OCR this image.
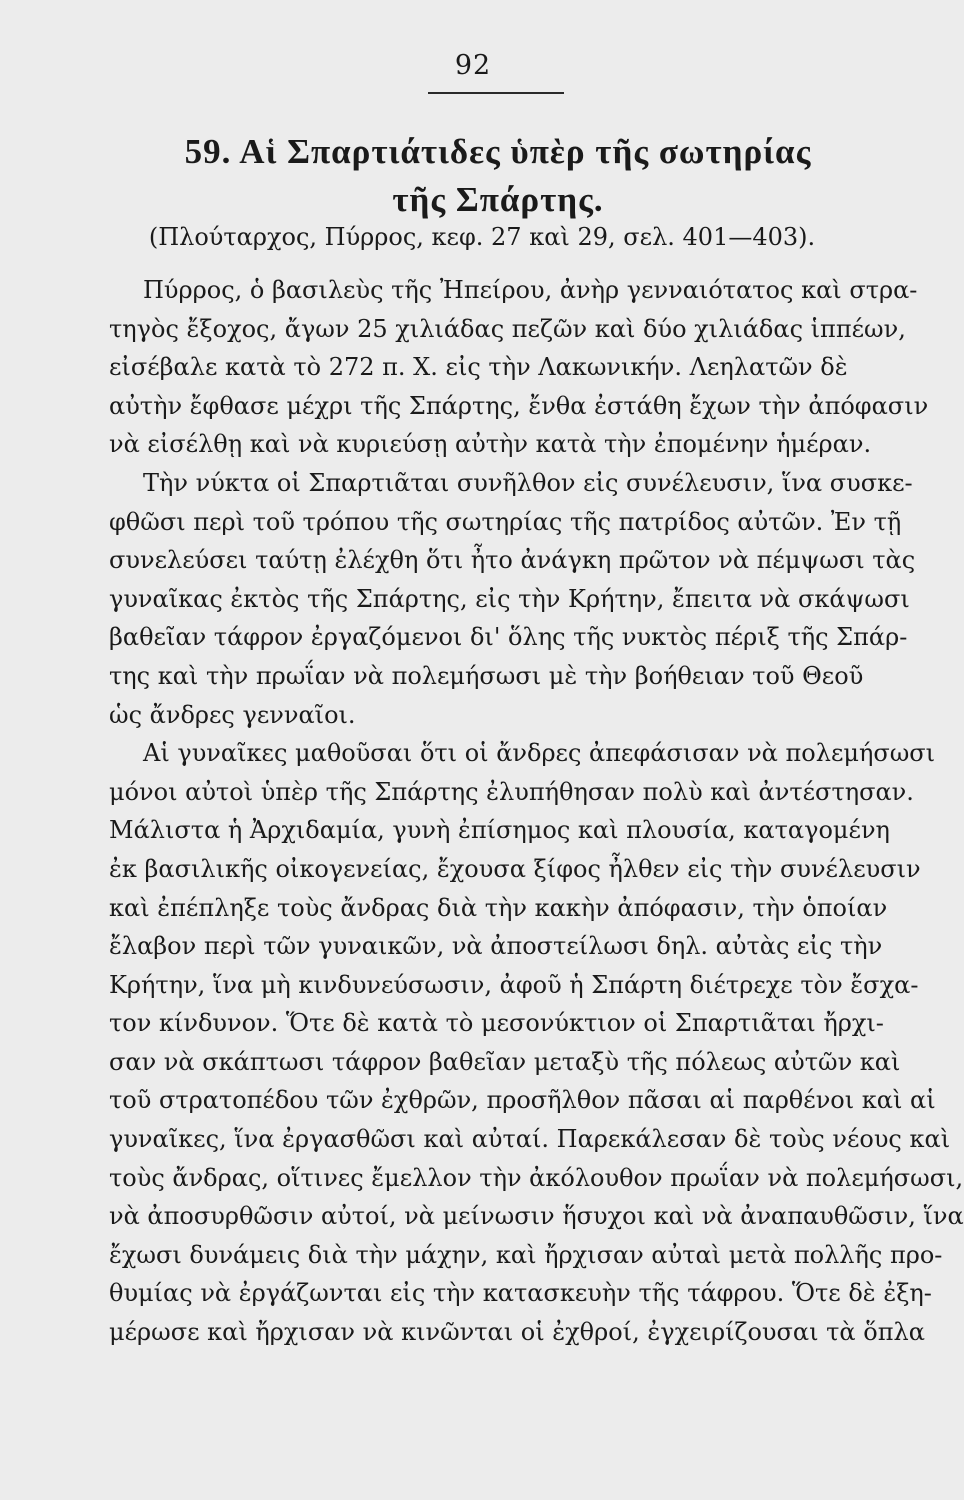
92
59. Αἱ Σπαρτιάτιδες ὑπὲρ τῆς σωτηρίας
τῆς Σπάρτης.
(Πλούταρχος, Πύρρος, κεφ. 27 καὶ 29, σελ. 401—403).
Πύρρος, ὁ βασιλεὺς τῆς Ἠπείρου, ἀνὴρ γενναιότατος καὶ στρα-
τηγὸς ἔξοχος, ἄγων 25 χιλιάδας πεζῶν καὶ δύο χιλιάδας ἱππέων,
εἰσέβαλε κατὰ τὸ 272 π. Χ. εἰς τὴν Λακωνικήν. Λεηλατῶν δὲ
αὐτὴν ἔφθασε μέχρι τῆς Σπάρτης, ἔνθα ἐστάθη ἔχων τὴν ἀπόφασιν
νὰ εἰσέλθῃ καὶ νὰ κυριεύσῃ αὐτὴν κατὰ τὴν ἐπομένην ἡμέραν.
Τὴν νύκτα οἱ Σπαρτιᾶται συνῆλθον εἰς συνέλευσιν, ἵνα συσκε-
φθῶσι περὶ τοῦ τρόπου τῆς σωτηρίας τῆς πατρίδος αὐτῶν. Ἐν τῇ
συνελεύσει ταύτῃ ἐλέχθη ὅτι ἦτο ἀνάγκη πρῶτον νὰ πέμψωσι τὰς
γυναῖκας ἐκτὸς τῆς Σπάρτης, εἰς τὴν Κρήτην, ἔπειτα νὰ σκάψωσι
βαθεῖαν τάφρον ἐργαζόμενοι δι' ὅλης τῆς νυκτὸς πέριξ τῆς Σπάρ-
της καὶ τὴν πρωΐαν νὰ πολεμήσωσι μὲ τὴν βοήθειαν τοῦ Θεοῦ
ὡς ἄνδρες γενναῖοι.
Αἱ γυναῖκες μαθοῦσαι ὅτι οἱ ἄνδρες ἀπεφάσισαν νὰ πολεμήσωσι
μόνοι αὐτοὶ ὑπὲρ τῆς Σπάρτης ἐλυπήθησαν πολὺ καὶ ἀντέστησαν.
Μάλιστα ἡ Ἀρχιδαμία, γυνὴ ἐπίσημος καὶ πλουσία, καταγομένη
ἐκ βασιλικῆς οἰκογενείας, ἔχουσα ξίφος ἦλθεν εἰς τὴν συνέλευσιν
καὶ ἐπέπληξε τοὺς ἄνδρας διὰ τὴν κακὴν ἀπόφασιν, τὴν ὁποίαν
ἔλαβον περὶ τῶν γυναικῶν, νὰ ἀποστείλωσι δηλ. αὐτὰς εἰς τὴν
Κρήτην, ἵνα μὴ κινδυνεύσωσιν, ἀφοῦ ἡ Σπάρτη διέτρεχε τὸν ἔσχα-
τον κίνδυνον. Ὅτε δὲ κατὰ τὸ μεσονύκτιον οἱ Σπαρτιᾶται ἤρχι-
σαν νὰ σκάπτωσι τάφρον βαθεῖαν μεταξὺ τῆς πόλεως αὐτῶν καὶ
τοῦ στρατοπέδου τῶν ἐχθρῶν, προσῆλθον πᾶσαι αἱ παρθένοι καὶ αἱ
γυναῖκες, ἵνα ἐργασθῶσι καὶ αὐταί. Παρεκάλεσαν δὲ τοὺς νέους καὶ
τοὺς ἄνδρας, οἵτινες ἔμελλον τὴν ἀκόλουθον πρωΐαν νὰ πολεμήσωσι,
νὰ ἀποσυρθῶσιν αὐτοί, νὰ μείνωσιν ἥσυχοι καὶ νὰ ἀναπαυθῶσιν, ἵνα
ἔχωσι δυνάμεις διὰ τὴν μάχην, καὶ ἤρχισαν αὐταὶ μετὰ πολλῆς προ-
θυμίας νὰ ἐργάζωνται εἰς τὴν κατασκευὴν τῆς τάφρου. Ὅτε δὲ ἐξη-
μέρωσε καὶ ἤρχισαν νὰ κινῶνται οἱ ἐχθροί, ἐγχειρίζουσαι τὰ ὅπλα
